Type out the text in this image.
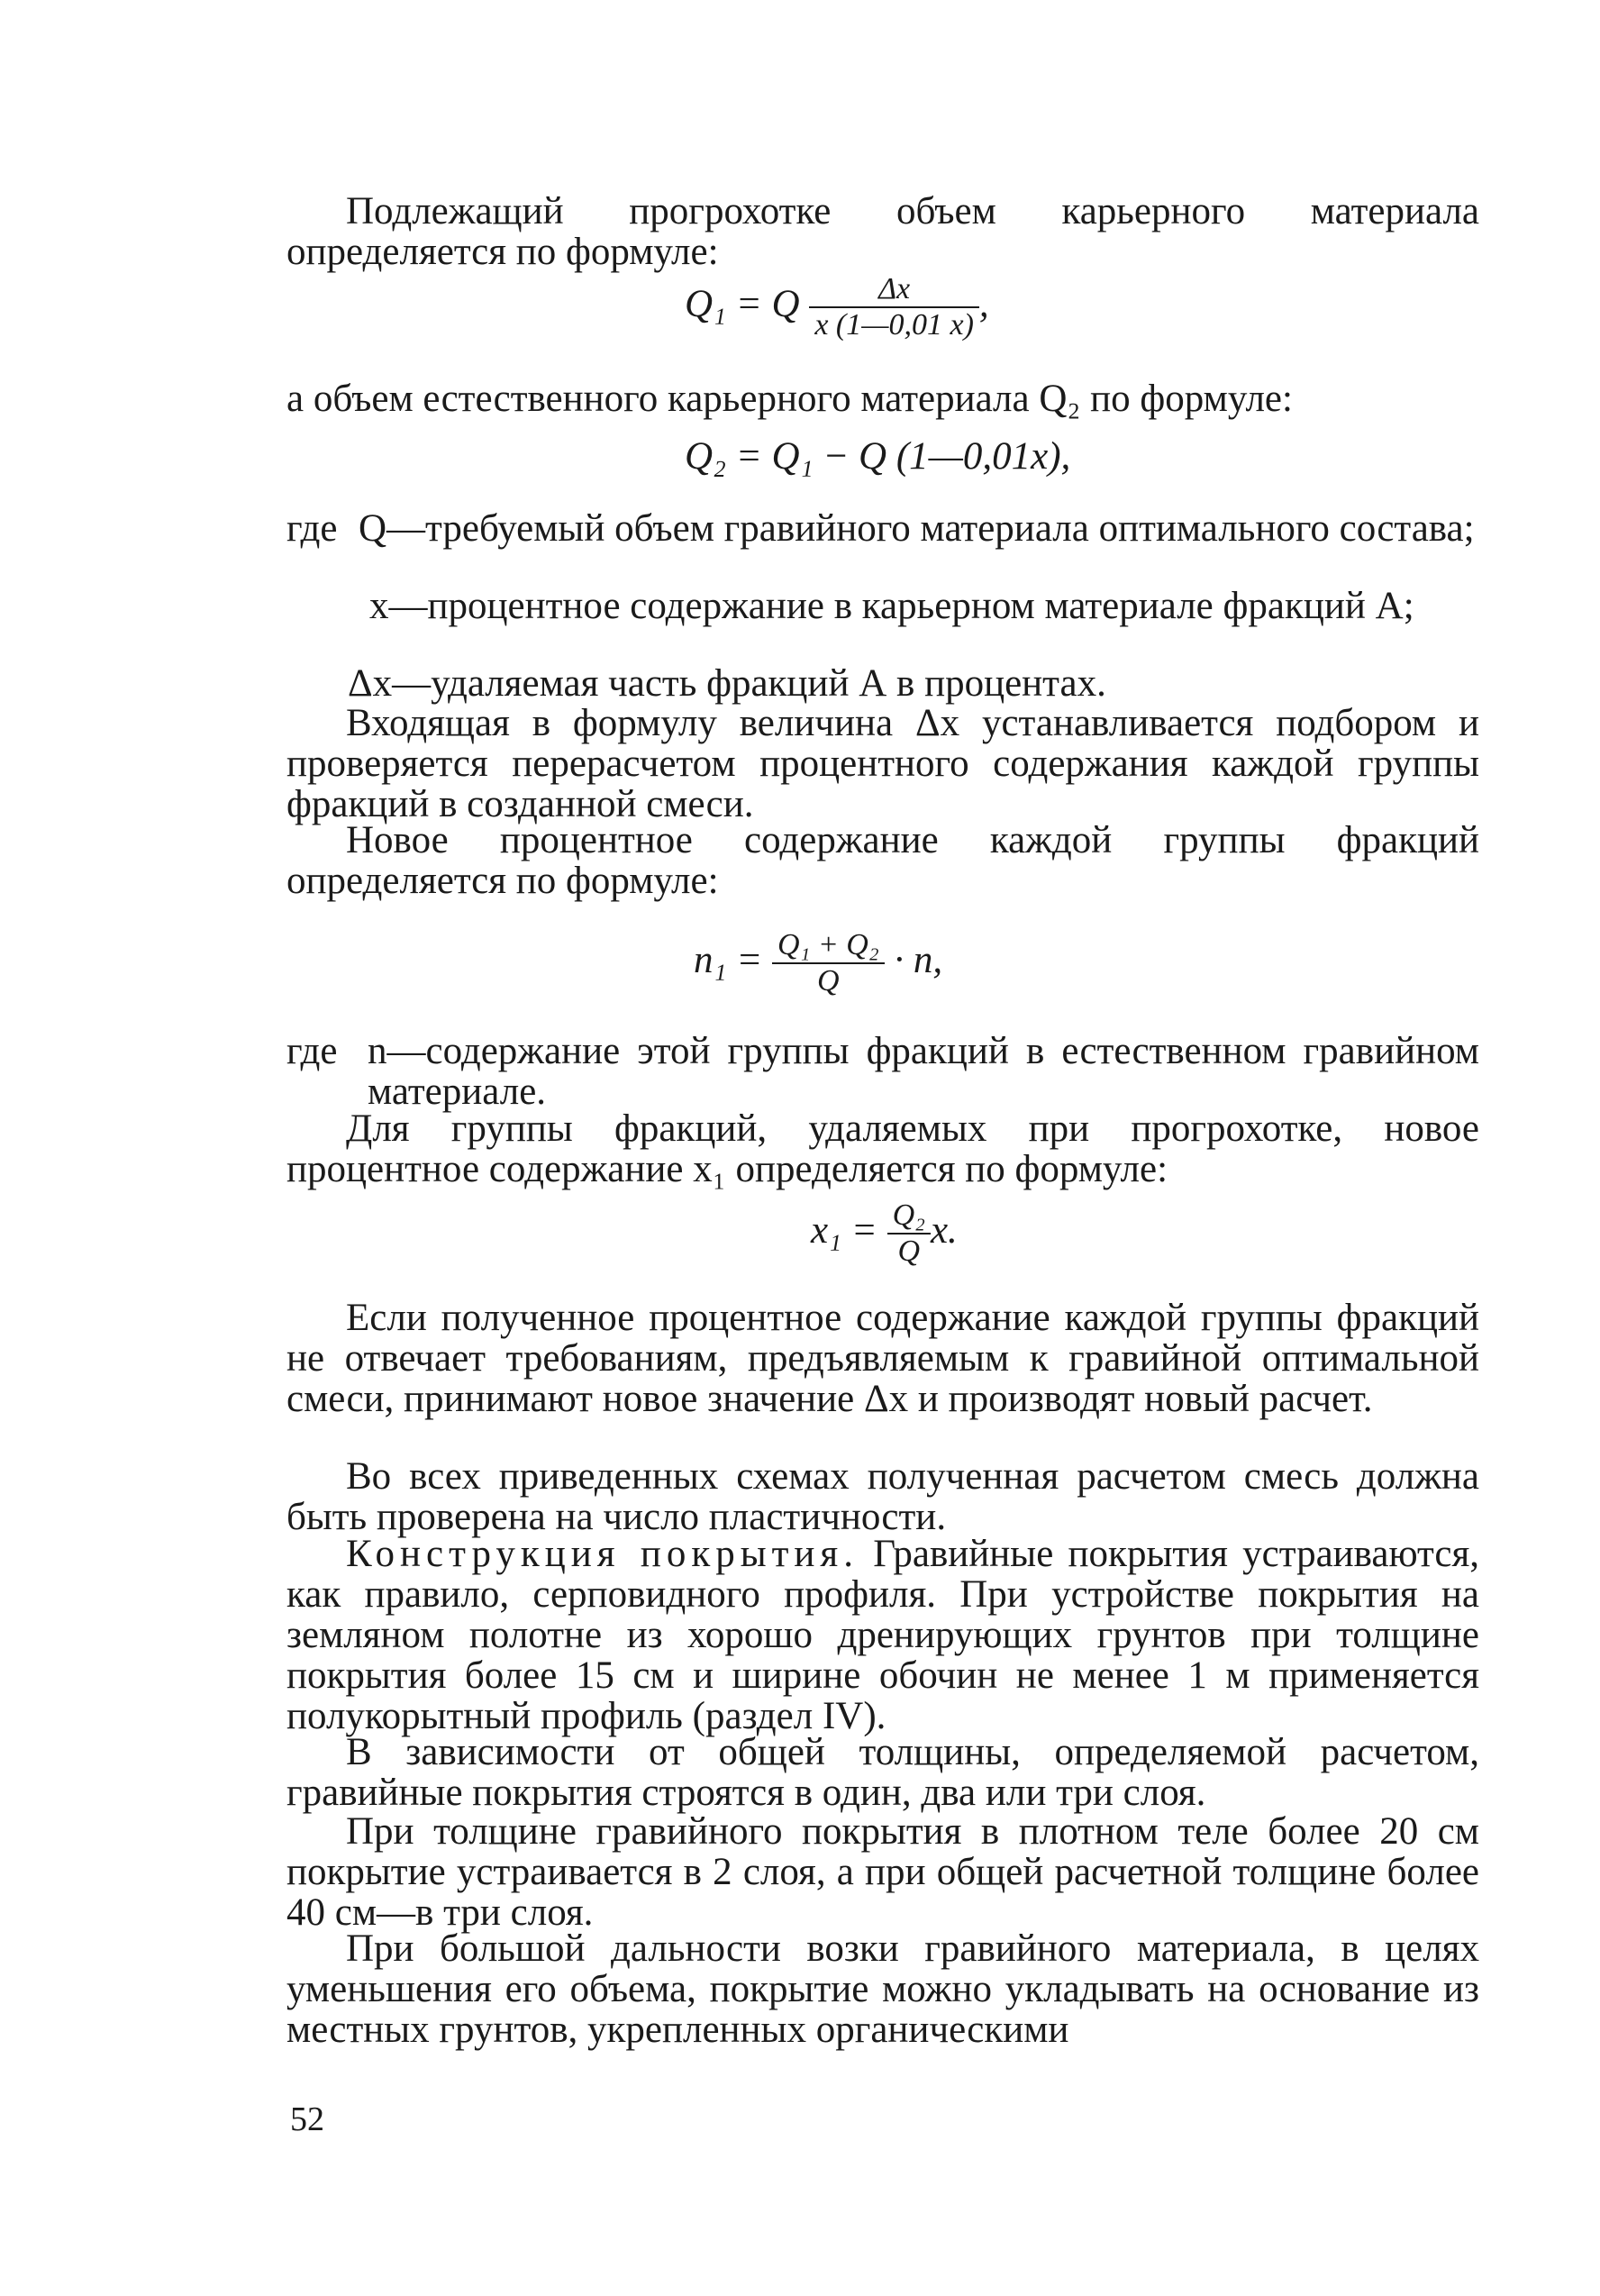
Подлежащий прогрохотке объем карьерного материала определяется по формуле:
Q₁ = Q $\frac{\Delta x}{x (1—0,01 x)}$ ,
а объем естественного карьерного материала Q₂ по формуле:
Q₂ = Q₁ − Q (1—0,01x),
где Q—требуемый объем гравийного материала оптимального состава;
x—процентное содержание в карьерном материале фракций А;
Δx—удаляемая часть фракций А в процентах.
Входящая в формулу величина Δx устанавливается подбором и проверяется перерасчетом процентного содержания каждой группы фракций в созданной смеси.
Новое процентное содержание каждой группы фракций определяется по формуле:
$n_1 = \frac{\text{Q₁ + Q₂}}{Q} \cdot n$,
где n—содержание этой группы фракций в естественном гравийном материале.
Для группы фракций, удаляемых при прогрохотке, новое процентное содержание x₁ определяется по формуле:
$x_1 = \frac{\text{Q₂}}{Q} x$.
Если полученное процентное содержание каждой группы фракций не отвечает требованиям, предъявляемым к гравийной оптимальной смеси, принимают новое значение Δx и производят новый расчет.
Во всех приведенных схемах полученная расчетом смесь должна быть проверена на число пластичности.
Конструкция покрытия. Гравийные покрытия устраиваются, как правило, серповидного профиля. При устройстве покрытия на земляном полотне из хорошо дренирующих грунтов при толщине покрытия более 15 см и ширине обочин не менее 1 м применяется полукорытный профиль (раздел IV).
В зависимости от общей толщины, определяемой расчетом, гравийные покрытия строятся в один, два или три слоя.
При толщине гравийного покрытия в плотном теле более 20 см покрытие устраивается в 2 слоя, а при общей расчетной толщине более 40 см—в три слоя.
При большой дальности возки гравийного материала, в целях уменьшения его объема, покрытие можно укладывать на основание из местных грунтов, укрепленных органическими
52
